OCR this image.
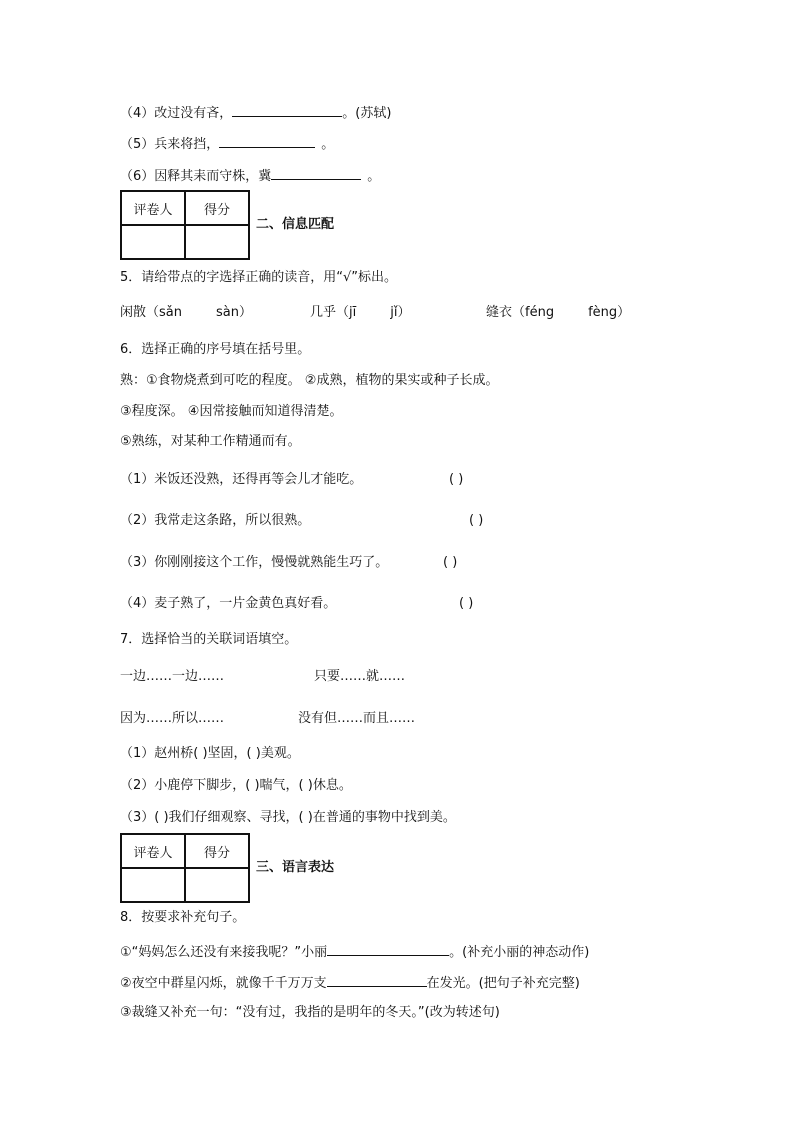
（4）改过没有吝，	。(苏轼)
（5）兵来将挡，	。
（6）因释其耒而守株，冀	。
评卷人	得分

二、信息匹配
5．请给带点的字选择正确的读音，用“√”标出。
闲散（sǎn	sàn）	几乎（jī	jǐ）	缝衣（féng	fèng）
6．选择正确的序号填在括号里。
熟：①食物烧煮到可吃的程度。 ②成熟，植物的果实或种子长成。
③程度深。 ④因常接触而知道得清楚。
⑤熟练，对某种工作精通而有。
（1）米饭还没熟，还得再等会儿才能吃。	( )
（2）我常走这条路，所以很熟。	( )
（3）你刚刚接这个工作，慢慢就熟能生巧了。	( )
（4）麦子熟了，一片金黄色真好看。	( )
7．选择恰当的关联词语填空。
一边……一边……	只要……就……
因为……所以……	没有但……而且……
（1）赵州桥( )坚固，( )美观。
（2）小鹿停下脚步，( )喘气，( )休息。
（3）( )我们仔细观察、寻找，( )在普通的事物中找到美。
评卷人	得分

三、语言表达
8．按要求补充句子。
①“妈妈怎么还没有来接我呢？”小丽	。(补充小丽的神态动作)
②夜空中群星闪烁，就像千千万万支	在发光。(把句子补充完整)
③裁缝又补充一句：“没有过，我指的是明年的冬天。”(改为转述句)
